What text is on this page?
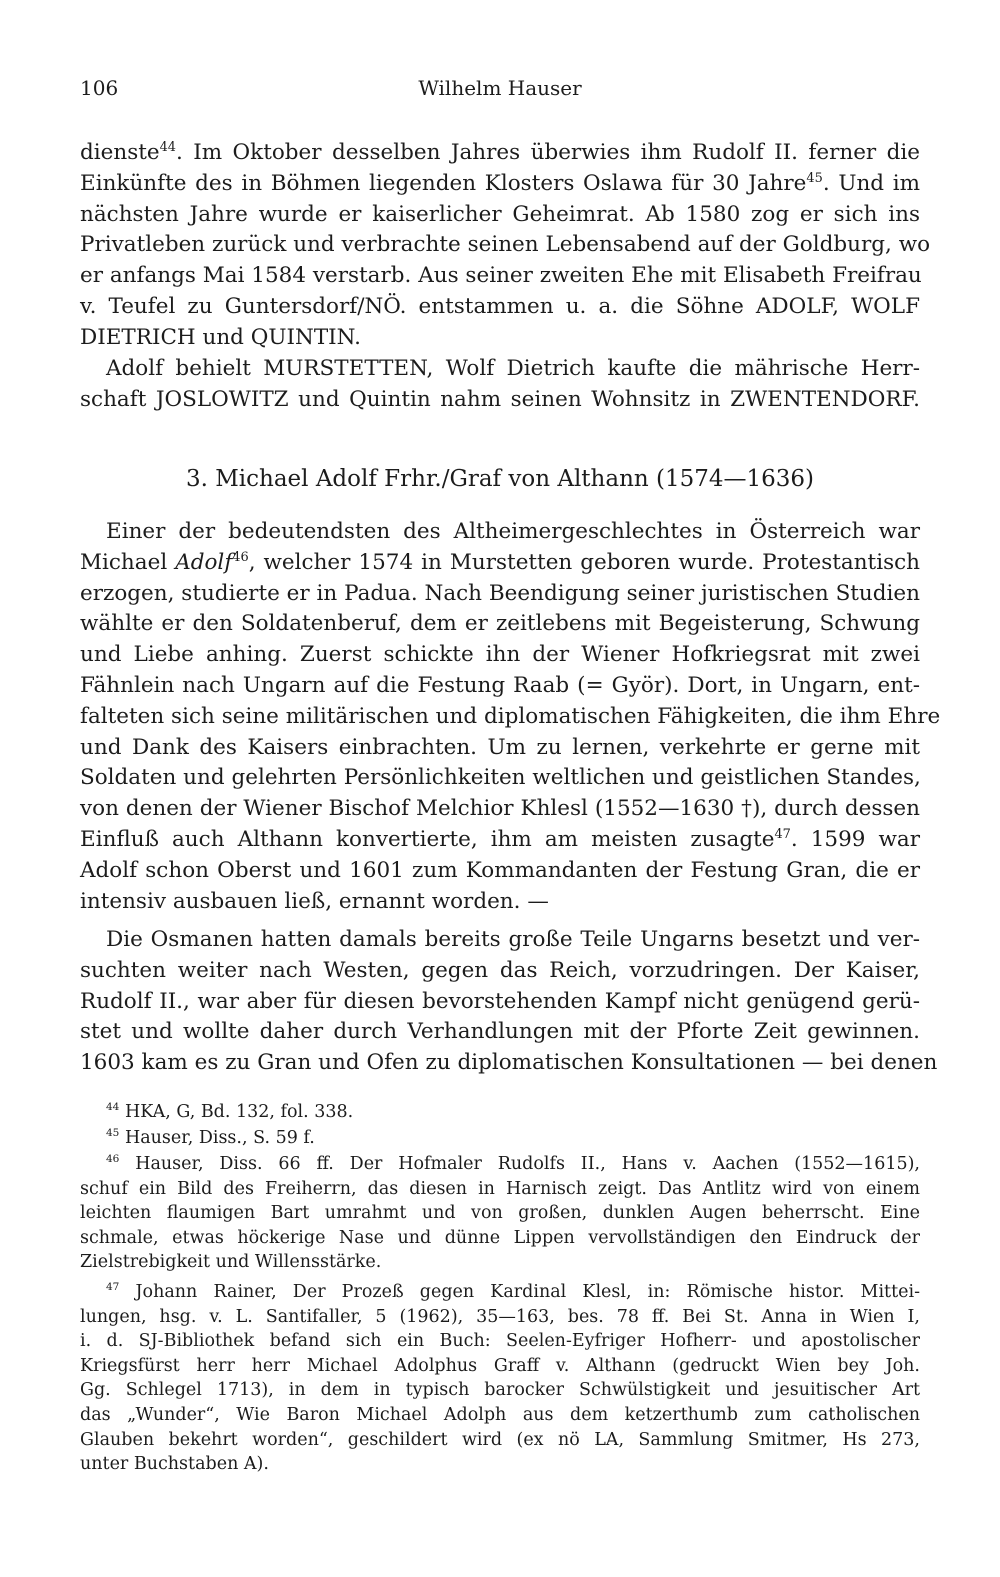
106	Wilhelm Hauser
dienste$^{44}$. Im Oktober desselben Jahres überwies ihm Rudolf II. ferner die
Einkünfte des in Böhmen liegenden Klosters Oslawa für 30 Jahre$^{45}$. Und im
nächsten Jahre wurde er kaiserlicher Geheimrat. Ab 1580 zog er sich ins
Privatleben zurück und verbrachte seinen Lebensabend auf der Goldburg, wo
er anfangs Mai 1584 verstarb. Aus seiner zweiten Ehe mit Elisabeth Freifrau
v. Teufel zu Guntersdorf/NÖ. entstammen u. a. die Söhne ADOLF, WOLF
DIETRICH und QUINTIN.
Adolf behielt MURSTETTEN, Wolf Dietrich kaufte die mährische Herr-
schaft JOSLOWITZ und Quintin nahm seinen Wohnsitz in ZWENTENDORF.
3. Michael Adolf Frhr./Graf von Althann (1574—1636)
Einer der bedeutendsten des Altheimergeschlechtes in Österreich war
Michael Adolf$^{46}$, welcher 1574 in Murstetten geboren wurde. Protestantisch
erzogen, studierte er in Padua. Nach Beendigung seiner juristischen Studien
wählte er den Soldatenberuf, dem er zeitlebens mit Begeisterung, Schwung
und Liebe anhing. Zuerst schickte ihn der Wiener Hofkriegsrat mit zwei
Fähnlein nach Ungarn auf die Festung Raab (= Györ). Dort, in Ungarn, ent-
falteten sich seine militärischen und diplomatischen Fähigkeiten, die ihm Ehre
und Dank des Kaisers einbrachten. Um zu lernen, verkehrte er gerne mit
Soldaten und gelehrten Persönlichkeiten weltlichen und geistlichen Standes,
von denen der Wiener Bischof Melchior Khlesl (1552—1630 †), durch dessen
Einfluß auch Althann konvertierte, ihm am meisten zusagte$^{47}$. 1599 war
Adolf schon Oberst und 1601 zum Kommandanten der Festung Gran, die er
intensiv ausbauen ließ, ernannt worden. —
Die Osmanen hatten damals bereits große Teile Ungarns besetzt und ver-
suchten weiter nach Westen, gegen das Reich, vorzudringen. Der Kaiser,
Rudolf II., war aber für diesen bevorstehenden Kampf nicht genügend gerü-
stet und wollte daher durch Verhandlungen mit der Pforte Zeit gewinnen.
1603 kam es zu Gran und Ofen zu diplomatischen Konsultationen — bei denen
$^{44}$ HKA, G, Bd. 132, fol. 338.
$^{45}$ Hauser, Diss., S. 59 f.
$^{46}$ Hauser, Diss. 66 ff. Der Hofmaler Rudolfs II., Hans v. Aachen (1552—1615),
schuf ein Bild des Freiherrn, das diesen in Harnisch zeigt. Das Antlitz wird von einem
leichten flaumigen Bart umrahmt und von großen, dunklen Augen beherrscht. Eine
schmale, etwas höckerige Nase und dünne Lippen vervollständigen den Eindruck der
Zielstrebigkeit und Willensstärke.
$^{47}$ Johann Rainer, Der Prozeß gegen Kardinal Klesl, in: Römische histor. Mittei-
lungen, hsg. v. L. Santifaller, 5 (1962), 35—163, bes. 78 ff. Bei St. Anna in Wien I,
i. d. SJ-Bibliothek befand sich ein Buch: Seelen-Eyfriger Hofherr- und apostolischer
Kriegsfürst herr herr Michael Adolphus Graff v. Althann (gedruckt Wien bey Joh.
Gg. Schlegel 1713), in dem in typisch barocker Schwülstigkeit und jesuitischer Art
das „Wunder“, Wie Baron Michael Adolph aus dem ketzerthumb zum catholischen
Glauben bekehrt worden“, geschildert wird (ex nö LA, Sammlung Smitmer, Hs 273,
unter Buchstaben A).
